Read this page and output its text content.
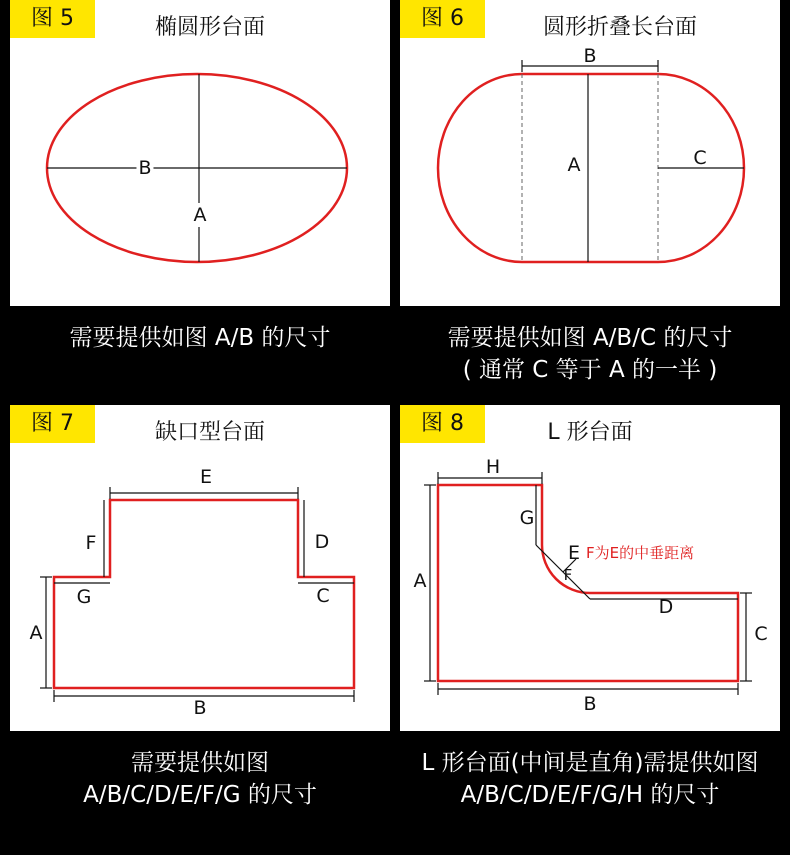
图 5	椭圆形台面
B
A
需要提供如图 A/B 的尺寸
图 6	圆形折叠长台面
B
A	C
需要提供如图 A/B/C 的尺寸
( 通常 C 等于 A 的一半 )
图 7	缺口型台面
E
F	D
G	C
A
B
需要提供如图
A/B/C/D/E/F/G 的尺寸
图 8	L 形台面
H
G
E
F
F为E的中垂距离
D
A
C
B
L 形台面(中间是直角)需提供如图
A/B/C/D/E/F/G/H 的尺寸
